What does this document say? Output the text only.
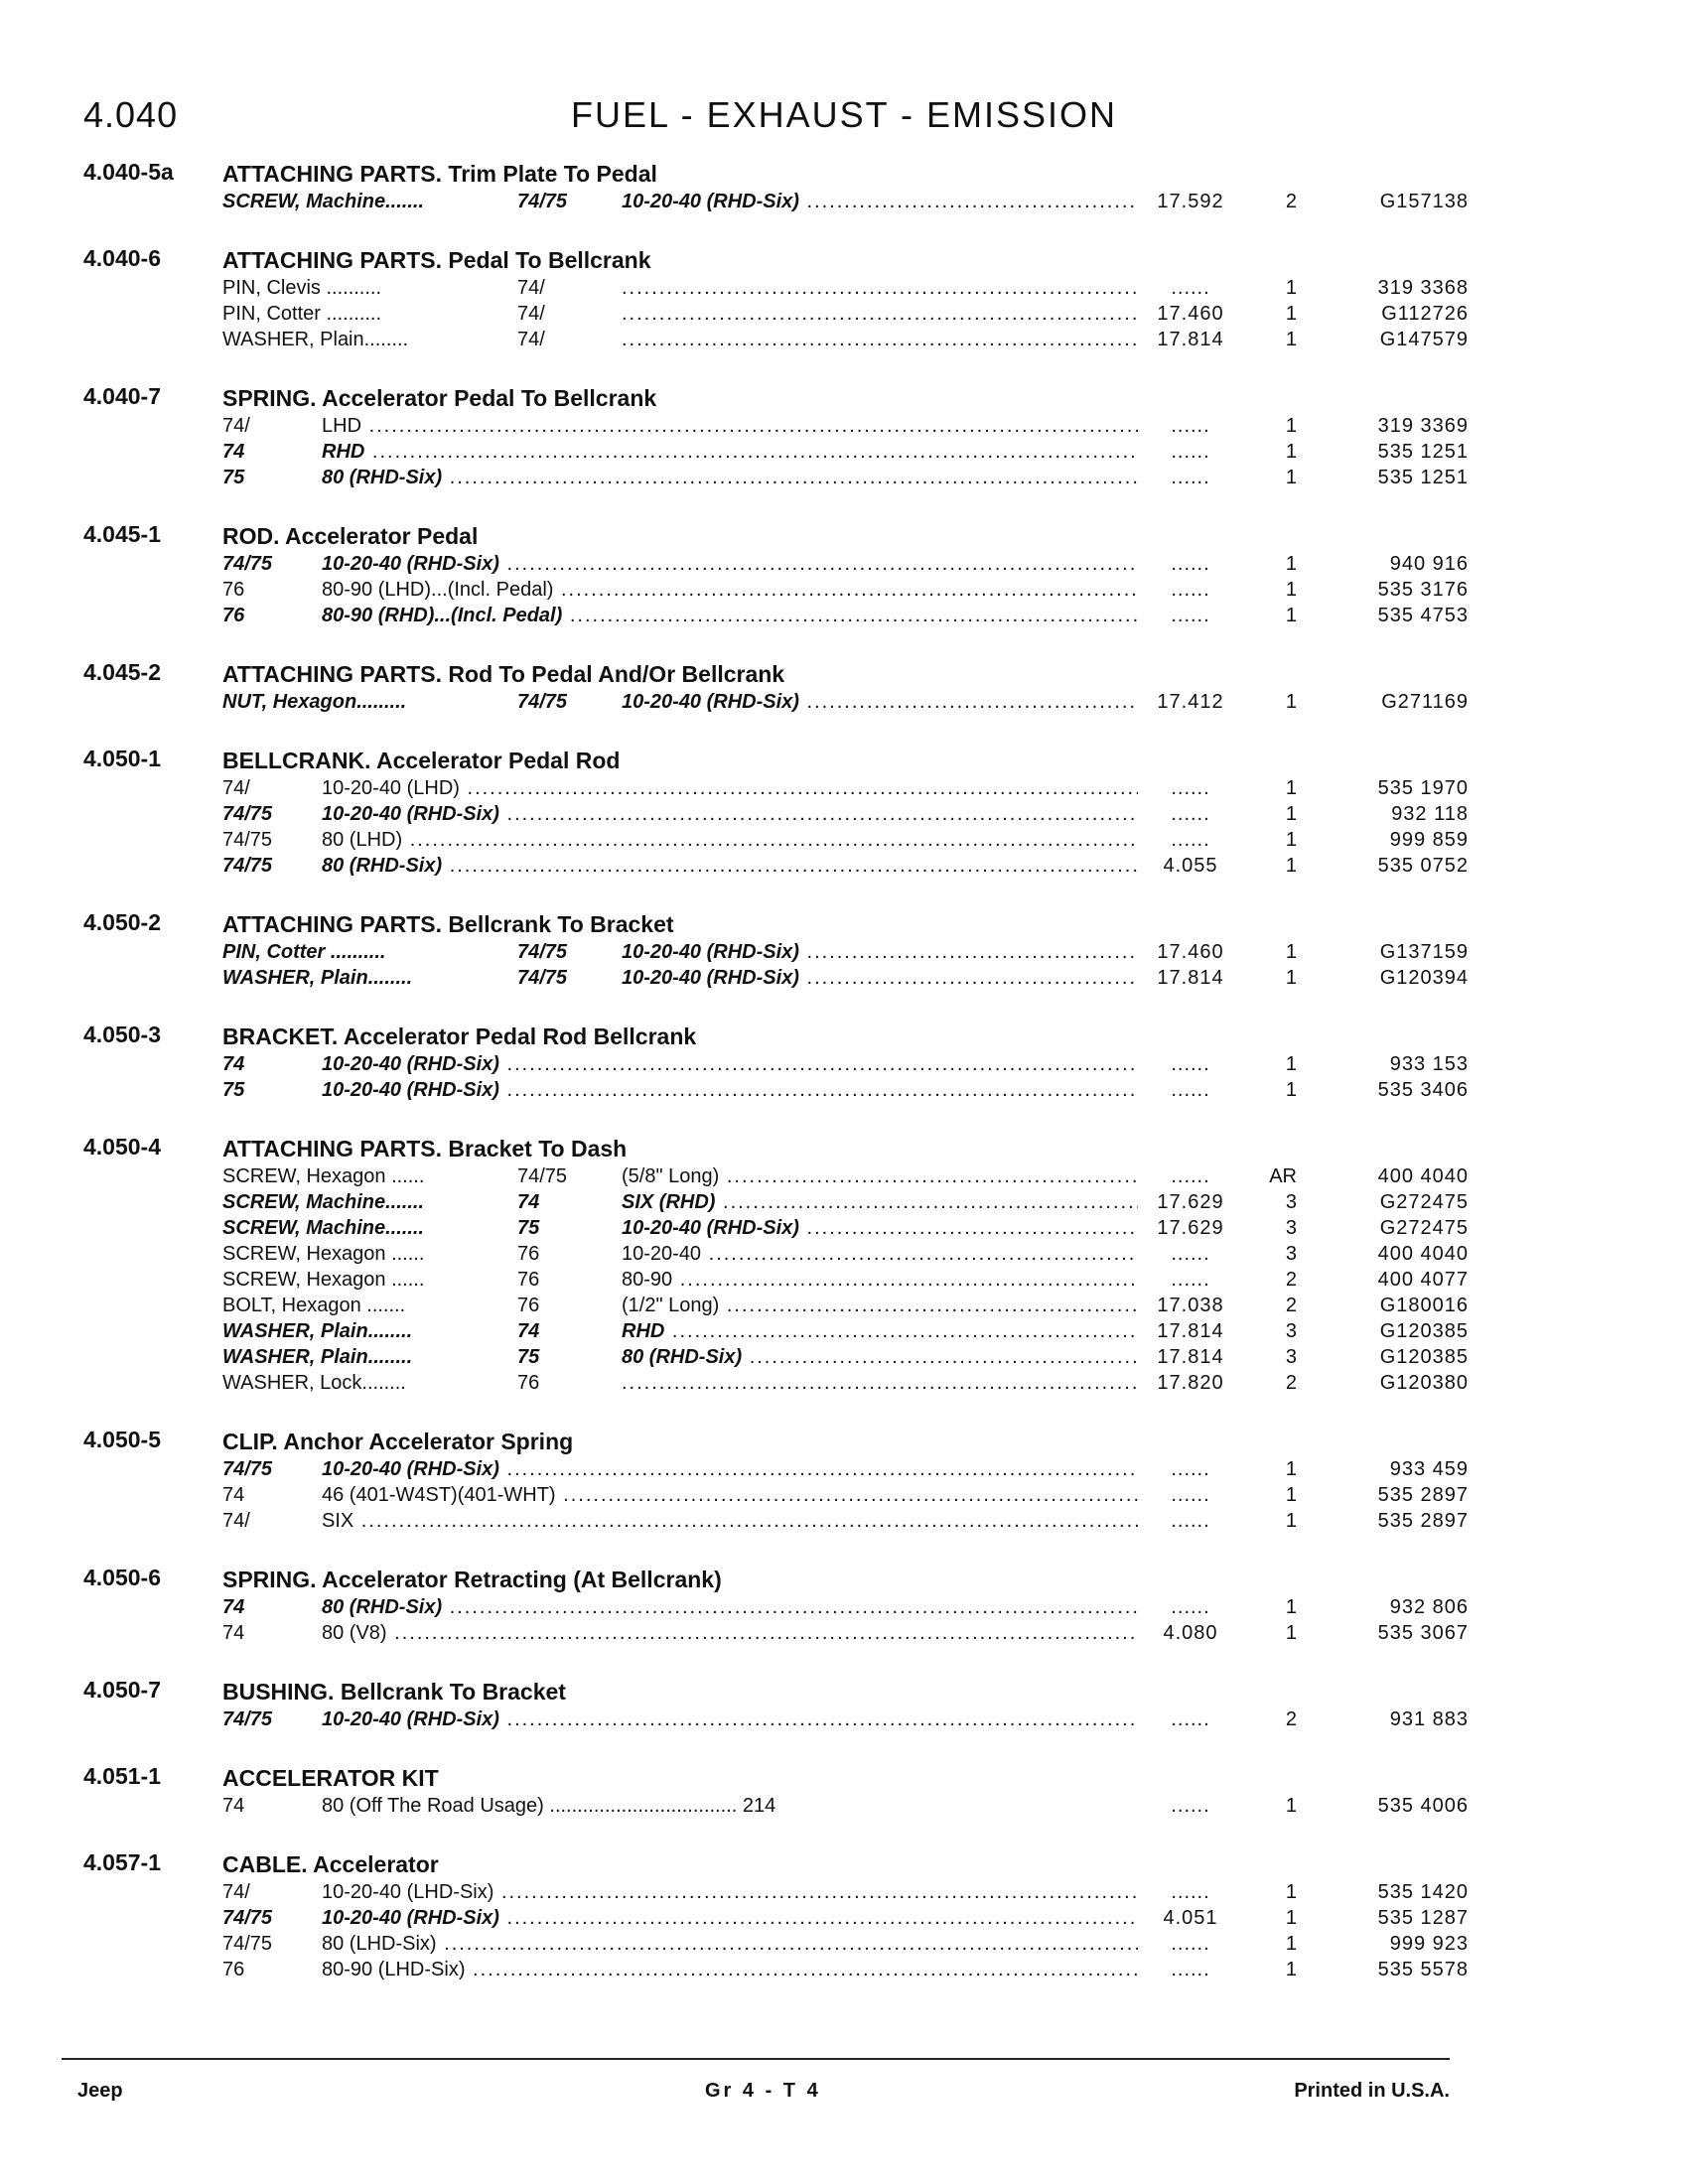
4.040	FUEL - EXHAUST - EMISSION
4.040-5a ATTACHING PARTS. Trim Plate To Pedal
SCREW, Machine.......	74/75	10-20-40 (RHD-Six) .....	17.592	2	G157138
4.040-6	ATTACHING PARTS. Pedal To Bellcrank
PIN, Clevis ..........	74/ .....	......	1	319 3368
PIN, Cotter ..........	74/ .....	17.460	1	G112726
WASHER, Plain........	74/ .....	17.814	1	G147579
4.040-7	SPRING. Accelerator Pedal To Bellcrank
74/	LHD .....	......	1	319 3369
74	RHD .....	......	1	535 1251
75	80 (RHD-Six) .....	......	1	535 1251
4.045-1	ROD. Accelerator Pedal
74/75 10-20-40 (RHD-Six) .....	......	1	940 916
76	80-90 (LHD)...(Incl. Pedal) .....	......	1	535 3176
76	80-90 (RHD)...(Incl. Pedal) .....	......	1	535 4753
4.045-2	ATTACHING PARTS. Rod To Pedal And/Or Bellcrank
NUT, Hexagon.........	74/75	10-20-40 (RHD-Six) .....	17.412	1	G271169
4.050-1	BELLCRANK. Accelerator Pedal Rod
74/	10-20-40 (LHD) .....	......	1	535 1970
74/75 10-20-40 (RHD-Six) .....	......	1	932 118
74/75 80 (LHD) .....	......	1	999 859
74/75 80 (RHD-Six) .....	4.055	1	535 0752
4.050-2	ATTACHING PARTS. Bellcrank To Bracket
PIN, Cotter ..........	74/75	10-20-40 (RHD-Six) .....	17.460	1	G137159
WASHER, Plain........	74/75	10-20-40 (RHD-Six) .....	17.814	1	G120394
4.050-3	BRACKET. Accelerator Pedal Rod Bellcrank
74	10-20-40 (RHD-Six) .....	......	1	933 153
75	10-20-40 (RHD-Six) .....	......	1	535 3406
4.050-4	ATTACHING PARTS. Bracket To Dash
SCREW, Hexagon ......	74/75	(5/8" Long) .....	......	AR	400 4040
SCREW, Machine.......	74	SIX (RHD) .....	17.629	3	G272475
SCREW, Machine.......	75	10-20-40 (RHD-Six) .....	17.629	3	G272475
SCREW, Hexagon ......	76	10-20-40 .....	......	3	400 4040
SCREW, Hexagon ......	76	80-90 .....	......	2	400 4077
BOLT, Hexagon .......	76	(1/2" Long) .....	17.038	2	G180016
WASHER, Plain........	74	RHD .....	17.814	3	G120385
WASHER, Plain........	75	80 (RHD-Six) .....	17.814	3	G120385
WASHER, Lock........	76 .....	17.820	2	G120380
4.050-5	CLIP. Anchor Accelerator Spring
74/75 10-20-40 (RHD-Six) .....	......	1	933 459
74	46 (401-W4ST)(401-WHT) .....	......	1	535 2897
74/	SIX .....	......	1	535 2897
4.050-6	SPRING. Accelerator Retracting (At Bellcrank)
74	80 (RHD-Six) .....	......	1	932 806
74	80 (V8) .....	4.080	1	535 3067
4.050-7	BUSHING. Bellcrank To Bracket
74/75 10-20-40 (RHD-Six) .....	......	2	931 883
4.051-1	ACCELERATOR KIT
74	80 (Off The Road Usage) .................................. 214	......	1	535 4006
4.057-1	CABLE. Accelerator
74/	10-20-40 (LHD-Six) .....	......	1	535 1420
74/75 10-20-40 (RHD-Six) .....	4.051	1	535 1287
74/75 80 (LHD-Six) .....	......	1	999 923
76	80-90 (LHD-Six) .....	......	1	535 5578
Jeep	Gr 4 - T 4	Printed in U.S.A.
